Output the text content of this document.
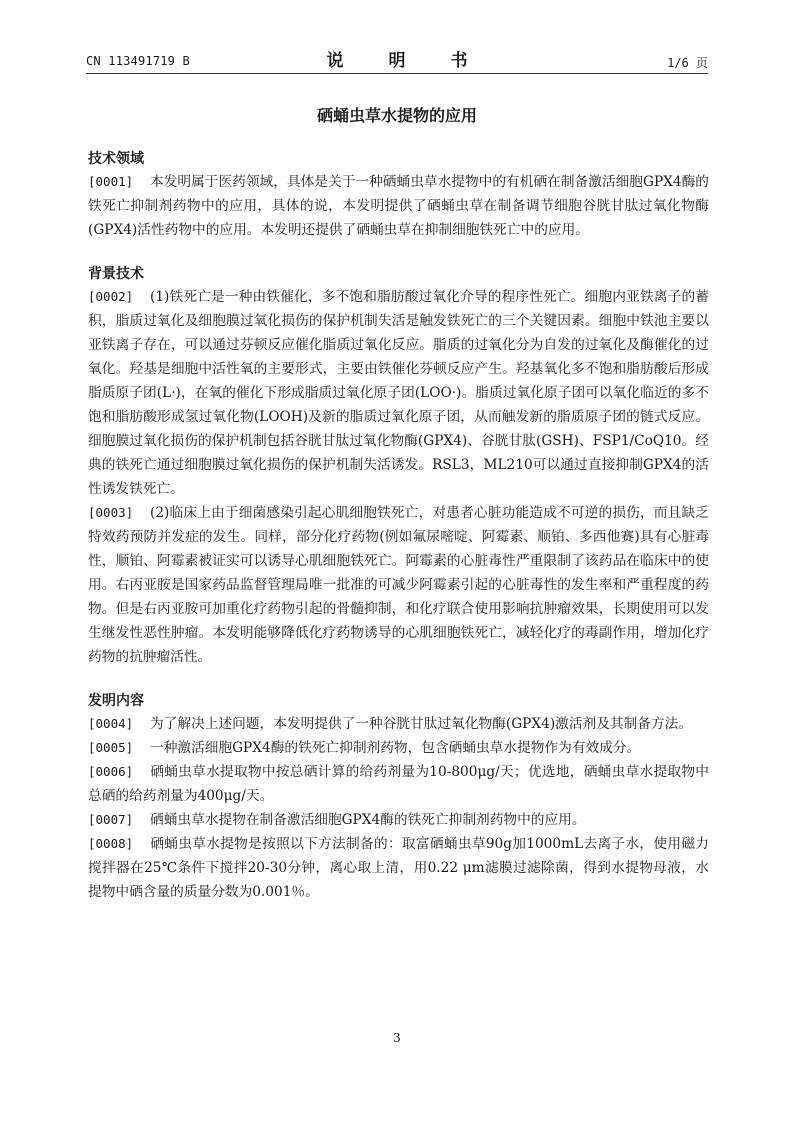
CN 113491719 B	说　明　书	1/6 页
硒蛹虫草水提物的应用
技术领域

[0001] 本发明属于医药领域，具体是关于一种硒蛹虫草水提物中的有机硒在制备激活细胞GPX4酶的铁死亡抑制剂药物中的应用，具体的说，本发明提供了硒蛹虫草在制备调节细胞谷胱甘肽过氧化物酶(GPX4)活性药物中的应用。本发明还提供了硒蛹虫草在抑制细胞铁死亡中的应用。

背景技术

[0002] (1)铁死亡是一种由铁催化，多不饱和脂肪酸过氧化介导的程序性死亡。细胞内亚铁离子的蓄积，脂质过氧化及细胞膜过氧化损伤的保护机制失活是触发铁死亡的三个关键因素。细胞中铁池主要以亚铁离子存在，可以通过芬顿反应催化脂质过氧化反应。脂质的过氧化分为自发的过氧化及酶催化的过氧化。羟基是细胞中活性氧的主要形式，主要由铁催化芬顿反应产生。羟基氧化多不饱和脂肪酸后形成脂质原子团(L·)，在氧的催化下形成脂质过氧化原子团(LOO·)。脂质过氧化原子团可以氧化临近的多不饱和脂肪酸形成氢过氧化物(LOOH)及新的脂质过氧化原子团，从而触发新的脂质原子团的链式反应。细胞膜过氧化损伤的保护机制包括谷胱甘肽过氧化物酶(GPX4)、谷胱甘肽(GSH)、FSP1/CoQ10。经典的铁死亡通过细胞膜过氧化损伤的保护机制失活诱发。RSL3，ML210可以通过直接抑制GPX4的活性诱发铁死亡。

[0003] (2)临床上由于细菌感染引起心肌细胞铁死亡，对患者心脏功能造成不可逆的损伤，而且缺乏特效药预防并发症的发生。同样，部分化疗药物(例如氟尿嘧啶、阿霉素、顺铂、多西他赛)具有心脏毒性，顺铂、阿霉素被证实可以诱导心肌细胞铁死亡。阿霉素的心脏毒性严重限制了该药品在临床中的使用。右丙亚胺是国家药品监督管理局唯一批准的可减少阿霉素引起的心脏毒性的发生率和严重程度的药物。但是右丙亚胺可加重化疗药物引起的骨髓抑制，和化疗联合使用影响抗肿瘤效果，长期使用可以发生继发性恶性肿瘤。本发明能够降低化疗药物诱导的心肌细胞铁死亡，减轻化疗的毒副作用，增加化疗药物的抗肿瘤活性。

发明内容

[0004] 为了解决上述问题，本发明提供了一种谷胱甘肽过氧化物酶(GPX4)激活剂及其制备方法。

[0005] 一种激活细胞GPX4酶的铁死亡抑制剂药物，包含硒蛹虫草水提物作为有效成分。

[0006] 硒蛹虫草水提取物中按总硒计算的给药剂量为10-800μg/天；优选地，硒蛹虫草水提取物中总硒的给药剂量为400μg/天。

[0007] 硒蛹虫草水提物在制备激活细胞GPX4酶的铁死亡抑制剂药物中的应用。

[0008] 硒蛹虫草水提物是按照以下方法制备的：取富硒蛹虫草90g加1000mL去离子水，使用磁力搅拌器在25℃条件下搅拌20-30分钟，离心取上清，用0.22 μm滤膜过滤除菌，得到水提物母液，水提物中硒含量的质量分数为0.001％。

3
